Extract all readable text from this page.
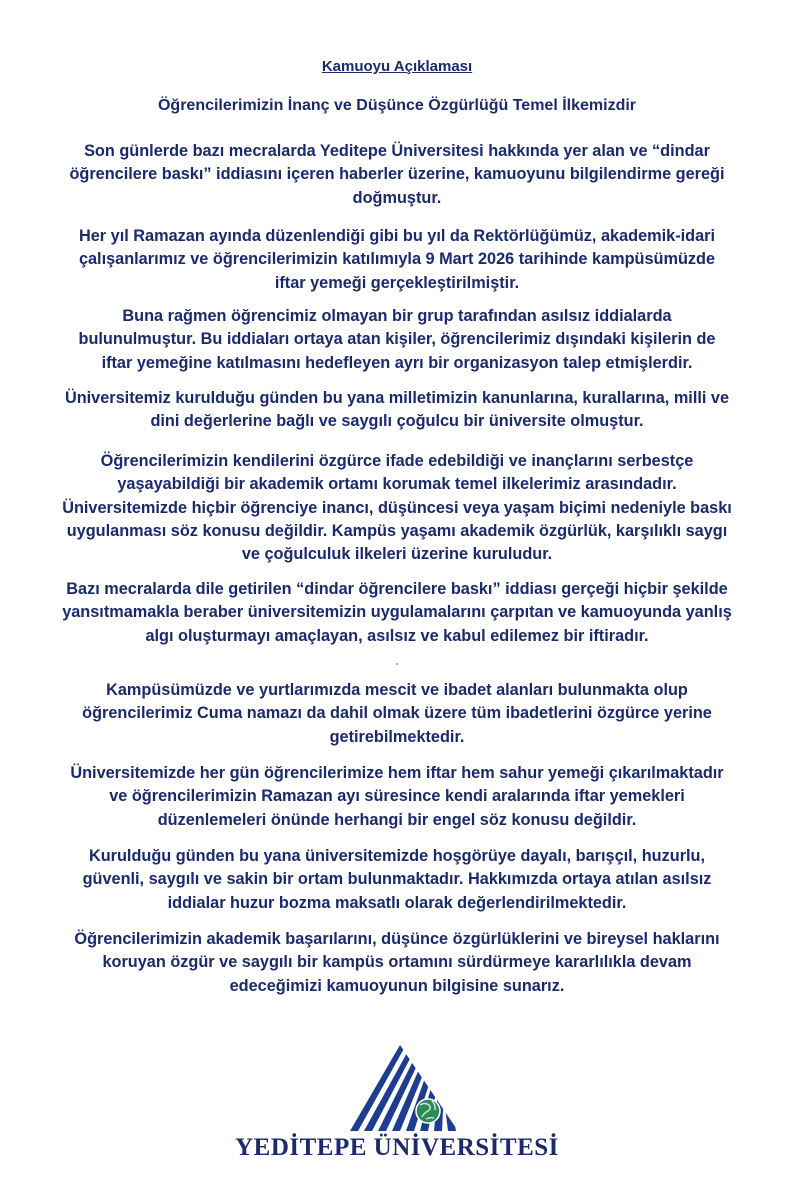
Kamuoyu Açıklaması
Öğrencilerimizin İnanç ve Düşünce Özgürlüğü Temel İlkemizdir

Son günlerde bazı mecralarda Yeditepe Üniversitesi hakkında yer alan ve “dindar öğrencilere baskı” iddiasını içeren haberler üzerine, kamuoyunu bilgilendirme gereği doğmuştur.

Her yıl Ramazan ayında düzenlendiği gibi bu yıl da Rektörlüğümüz, akademik-idari çalışanlarımız ve öğrencilerimizin katılımıyla 9 Mart 2026 tarihinde kampüsümüzde iftar yemeği gerçekleştirilmiştir.

Buna rağmen öğrencimiz olmayan bir grup tarafından asılsız iddialarda bulunulmuştur. Bu iddiaları ortaya atan kişiler, öğrencilerimiz dışındaki kişilerin de iftar yemeğine katılmasını hedefleyen ayrı bir organizasyon talep etmişlerdir.

Üniversitemiz kurulduğu günden bu yana milletimizin kanunlarına, kurallarına, milli ve dini değerlerine bağlı ve saygılı çoğulcu bir üniversite olmuştur.

Öğrencilerimizin kendilerini özgürce ifade edebildiği ve inançlarını serbestçe yaşayabildiği bir akademik ortamı korumak temel ilkelerimiz arasındadır. Üniversitemizde hiçbir öğrenciye inancı, düşüncesi veya yaşam biçimi nedeniyle baskı uygulanması söz konusu değildir. Kampüs yaşamı akademik özgürlük, karşılıklı saygı ve çoğulculuk ilkeleri üzerine kuruludur.

Bazı mecralarda dile getirilen “dindar öğrencilere baskı” iddiası gerçeği hiçbir şekilde yansıtmamakla beraber üniversitemizin uygulamalarını çarpıtan ve kamuoyunda yanlış algı oluşturmayı amaçlayan, asılsız ve kabul edilemez bir iftiradır.

Kampüsümüzde ve yurtlarımızda mescit ve ibadet alanları bulunmakta olup öğrencilerimiz Cuma namazı da dahil olmak üzere tüm ibadetlerini özgürce yerine getirebilmektedir.

Üniversitemizde her gün öğrencilerimize hem iftar hem sahur yemeği çıkarılmaktadır ve öğrencilerimizin Ramazan ayı süresince kendi aralarında iftar yemekleri düzenlemeleri önünde herhangi bir engel söz konusu değildir.

Kurulduğu günden bu yana üniversitemizde hoşgörüye dayalı, barışçıl, huzurlu, güvenli, saygılı ve sakin bir ortam bulunmaktadır. Hakkımızda ortaya atılan asılsız iddialar huzur bozma maksatlı olarak değerlendirilmektedir.

Öğrencilerimizin akademik başarılarını, düşünce özgürlüklerini ve bireysel haklarını koruyan özgür ve saygılı bir kampüs ortamını sürdürmeye kararlılıkla devam edeceğimizi kamuoyunun bilgisine sunarız.

YEDİTEPE ÜNİVERSİTESİ
